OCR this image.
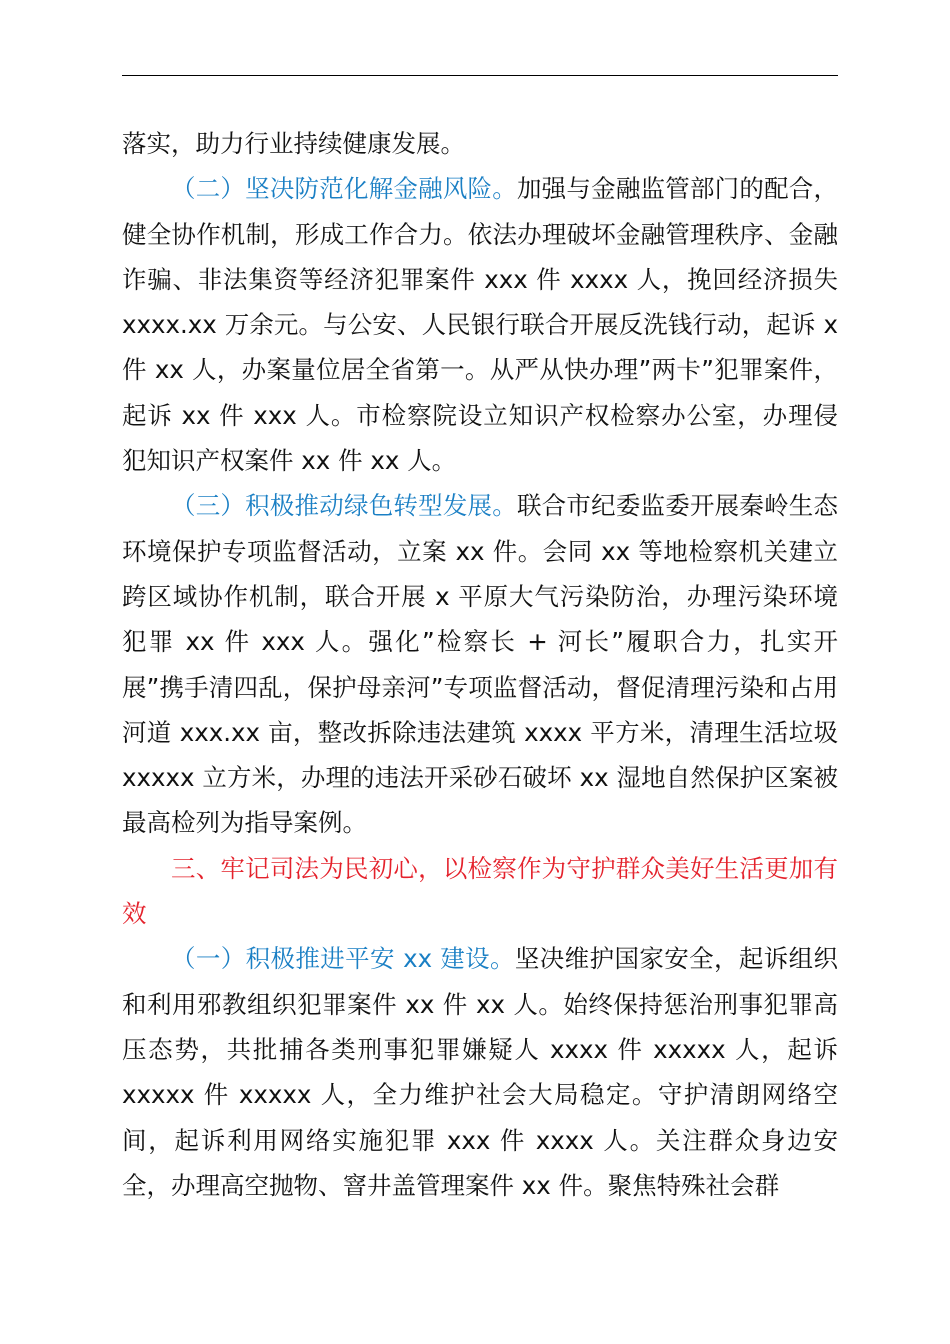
落实，助力行业持续健康发展。

（二）坚决防范化解金融风险。加强与金融监管部门的配合，健全协作机制，形成工作合力。依法办理破坏金融管理秩序、金融诈骗、非法集资等经济犯罪案件 xxx 件 xxxx 人，挽回经济损失 xxxx.xx 万余元。与公安、人民银行联合开展反洗钱行动，起诉 x 件 xx 人，办案量位居全省第一。从严从快办理”两卡”犯罪案件，起诉 xx 件 xxx 人。市检察院设立知识产权检察办公室，办理侵犯知识产权案件 xx 件 xx 人。

（三）积极推动绿色转型发展。联合市纪委监委开展秦岭生态环境保护专项监督活动，立案 xx 件。会同 xx 等地检察机关建立跨区域协作机制，联合开展 x 平原大气污染防治，办理污染环境犯罪 xx 件 xxx 人。强化”检察长 + 河长”履职合力，扎实开展”携手清四乱，保护母亲河”专项监督活动，督促清理污染和占用河道 xxx.xx 亩，整改拆除违法建筑 xxxx 平方米，清理生活垃圾 xxxxx 立方米，办理的违法开采砂石破坏 xx 湿地自然保护区案被最高检列为指导案例。

三、牢记司法为民初心，以检察作为守护群众美好生活更加有效

（一）积极推进平安 xx 建设。坚决维护国家安全，起诉组织和利用邪教组织犯罪案件 xx 件 xx 人。始终保持惩治刑事犯罪高压态势，共批捕各类刑事犯罪嫌疑人 xxxx 件 xxxxx 人，起诉 xxxxx 件 xxxxx 人，全力维护社会大局稳定。守护清朗网络空间，起诉利用网络实施犯罪 xxx 件 xxxx 人。关注群众身边安全，办理高空抛物、窨井盖管理案件 xx 件。聚焦特殊社会群
